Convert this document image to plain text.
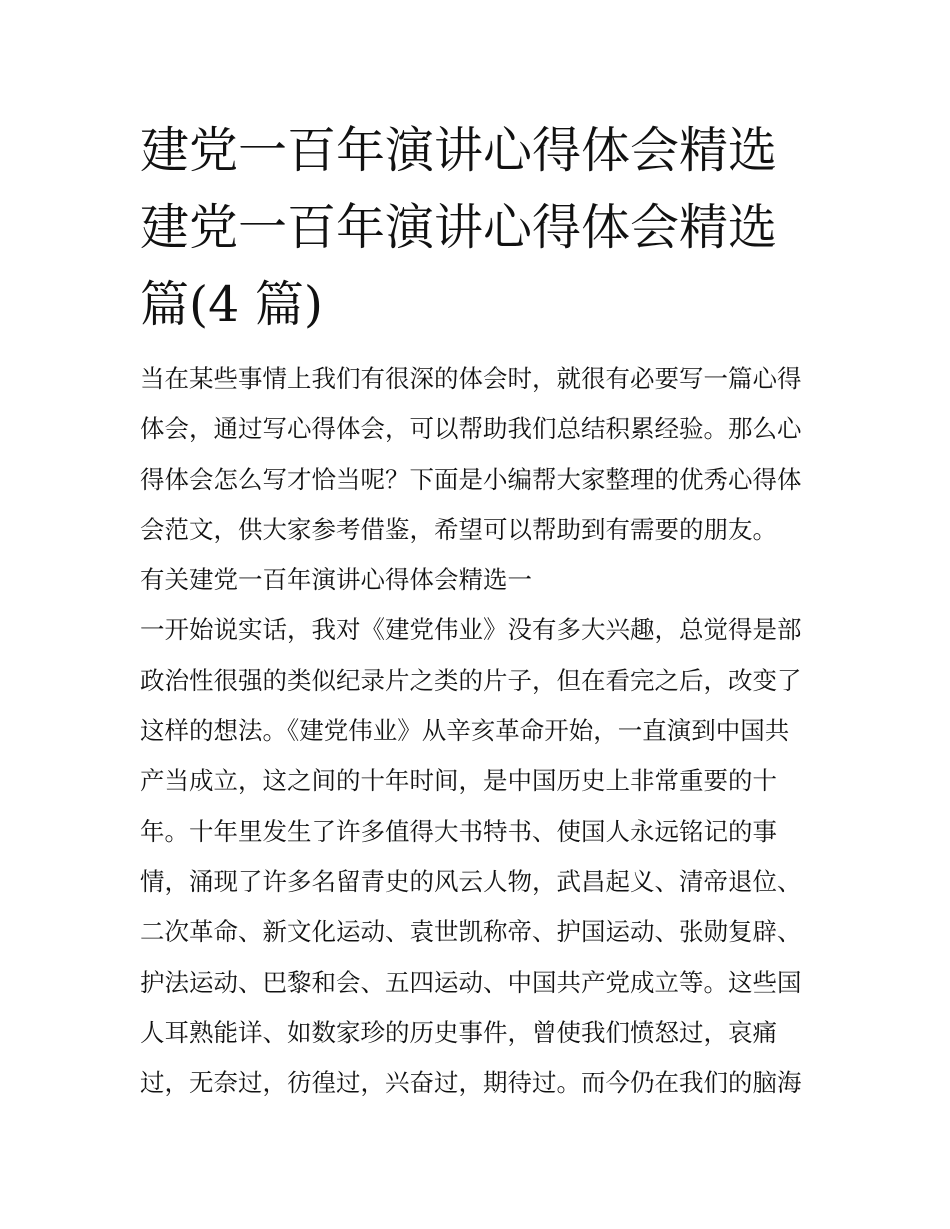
建党一百年演讲心得体会精选
建党一百年演讲心得体会精选
篇(4 篇)
当在某些事情上我们有很深的体会时，就很有必要写一篇心得
体会，通过写心得体会，可以帮助我们总结积累经验。那么心
得体会怎么写才恰当呢？下面是小编帮大家整理的优秀心得体
会范文，供大家参考借鉴，希望可以帮助到有需要的朋友。
有关建党一百年演讲心得体会精选一
一开始说实话，我对《建党伟业》没有多大兴趣，总觉得是部
政治性很强的类似纪录片之类的片子，但在看完之后，改变了
这样的想法。《建党伟业》从辛亥革命开始，一直演到中国共
产当成立，这之间的十年时间，是中国历史上非常重要的十
年。十年里发生了许多值得大书特书、使国人永远铭记的事
情，涌现了许多名留青史的风云人物，武昌起义、清帝退位、
二次革命、新文化运动、袁世凯称帝、护国运动、张勋复辟、
护法运动、巴黎和会、五四运动、中国共产党成立等。这些国
人耳熟能详、如数家珍的历史事件，曾使我们愤怒过，哀痛
过，无奈过，彷徨过，兴奋过，期待过。而今仍在我们的脑海
